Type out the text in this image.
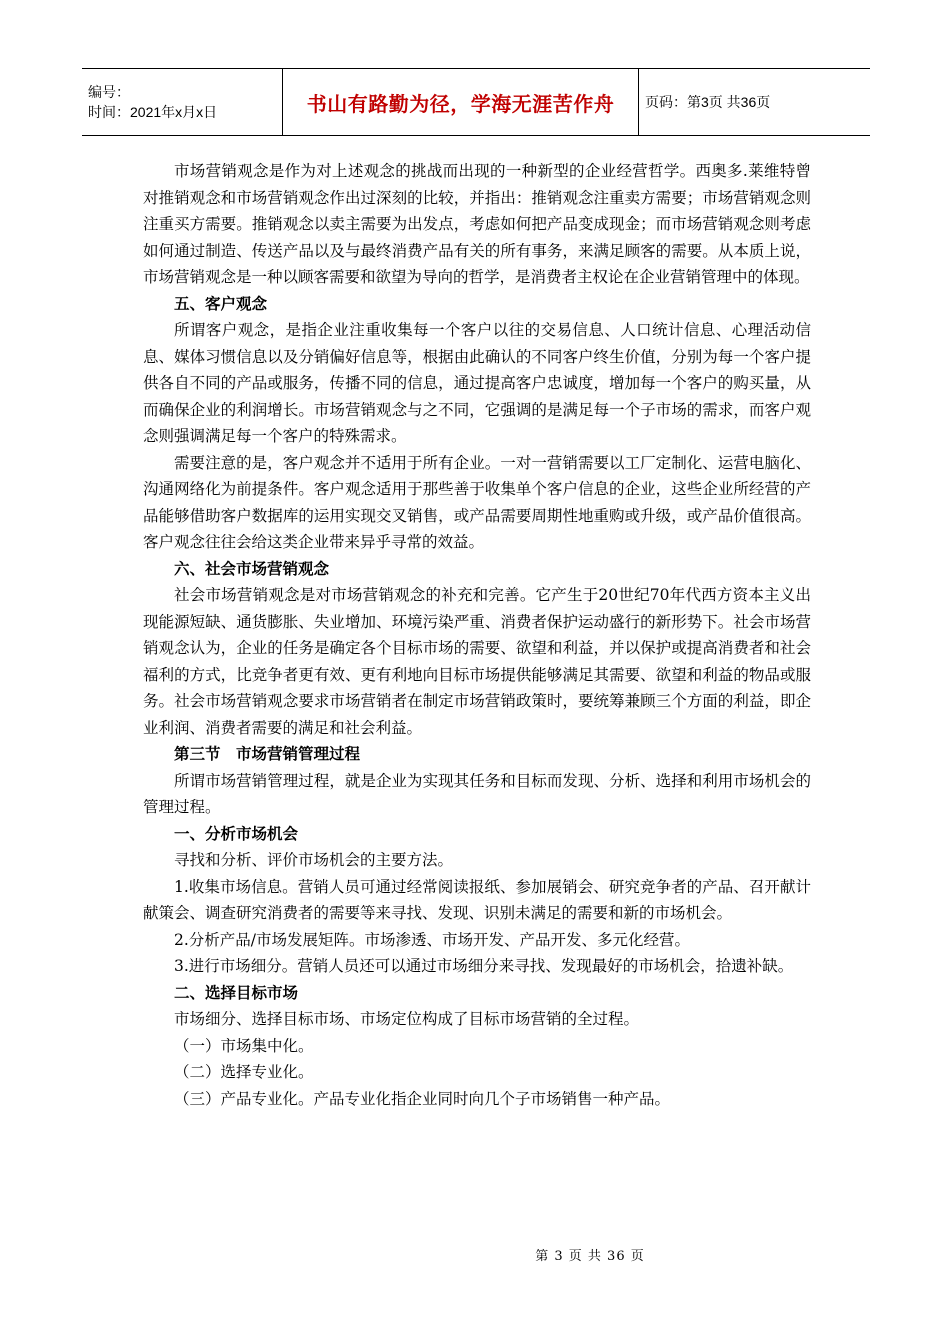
编号：
时间：2021年x月x日	书山有路勤为径，学海无涯苦作舟	页码：第3页 共36页

市场营销观念是作为对上述观念的挑战而出现的一种新型的企业经营哲学。西奥多.莱维特曾对推销观念和市场营销观念作出过深刻的比较，并指出：推销观念注重卖方需要；市场营销观念则注重买方需要。推销观念以卖主需要为出发点，考虑如何把产品变成现金；而市场营销观念则考虑如何通过制造、传送产品以及与最终消费产品有关的所有事务，来满足顾客的需要。从本质上说，市场营销观念是一种以顾客需要和欲望为导向的哲学，是消费者主权论在企业营销管理中的体现。

五、客户观念

所谓客户观念，是指企业注重收集每一个客户以往的交易信息、人口统计信息、心理活动信息、媒体习惯信息以及分销偏好信息等，根据由此确认的不同客户终生价值，分别为每一个客户提供各自不同的产品或服务，传播不同的信息，通过提高客户忠诚度，增加每一个客户的购买量，从而确保企业的利润增长。市场营销观念与之不同，它强调的是满足每一个子市场的需求，而客户观念则强调满足每一个客户的特殊需求。

需要注意的是，客户观念并不适用于所有企业。一对一营销需要以工厂定制化、运营电脑化、沟通网络化为前提条件。客户观念适用于那些善于收集单个客户信息的企业，这些企业所经营的产品能够借助客户数据库的运用实现交叉销售，或产品需要周期性地重购或升级，或产品价值很高。客户观念往往会给这类企业带来异乎寻常的效益。

六、社会市场营销观念

社会市场营销观念是对市场营销观念的补充和完善。它产生于20世纪70年代西方资本主义出现能源短缺、通货膨胀、失业增加、环境污染严重、消费者保护运动盛行的新形势下。社会市场营销观念认为，企业的任务是确定各个目标市场的需要、欲望和利益，并以保护或提高消费者和社会福利的方式，比竞争者更有效、更有利地向目标市场提供能够满足其需要、欲望和利益的物品或服务。社会市场营销观念要求市场营销者在制定市场营销政策时，要统筹兼顾三个方面的利益，即企业利润、消费者需要的满足和社会利益。

第三节　市场营销管理过程

所谓市场营销管理过程，就是企业为实现其任务和目标而发现、分析、选择和利用市场机会的管理过程。

一、分析市场机会

寻找和分析、评价市场机会的主要方法。

1.收集市场信息。营销人员可通过经常阅读报纸、参加展销会、研究竞争者的产品、召开献计献策会、调查研究消费者的需要等来寻找、发现、识别未满足的需要和新的市场机会。

2.分析产品/市场发展矩阵。市场渗透、市场开发、产品开发、多元化经营。

3.进行市场细分。营销人员还可以通过市场细分来寻找、发现最好的市场机会，拾遗补缺。

二、选择目标市场

市场细分、选择目标市场、市场定位构成了目标市场营销的全过程。

（一）市场集中化。

（二）选择专业化。

（三）产品专业化。产品专业化指企业同时向几个子市场销售一种产品。

第 3 页 共 36 页
